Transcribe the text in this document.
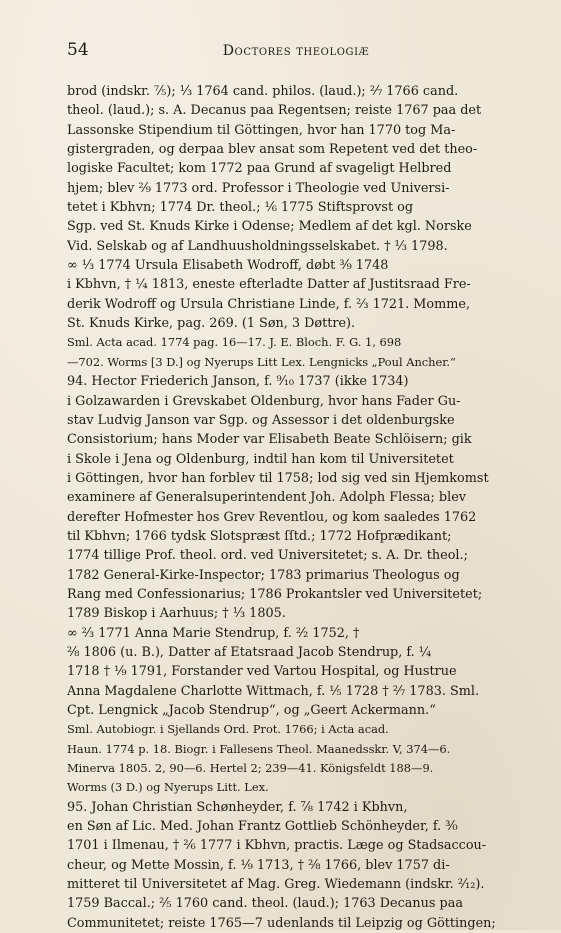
54	Doctores theologiæ
brod (indskr. ⁷⁄₅); ⅓ 1764 cand. philos. (laud.); ²⁄₇ 1766 cand.
theol. (laud.); s. A. Decanus paa Regentsen; reiste 1767 paa det
Lassonske Stipendium til Göttingen, hvor han 1770 tog Ma-
gistergraden, og derpaa blev ansat som Repetent ved det theo-
logiske Facultet; kom 1772 paa Grund af svageligt Helbred
hjem; blev ²⁄₉ 1773 ord. Professor i Theologie ved Universi-
tetet i Kbhvn; 1774 Dr. theol.; ¹⁄₆ 1775 Stiftsprovst og
Sgp. ved St. Knuds Kirke i Odense; Medlem af det kgl. Norske
Vid. Selskab og af Landhuusholdningsselskabet. † ⅓ 1798.
∞ ¹⁄₃ 1774 Ursula Elisabeth Wodroff, døbt ³⁄₉ 1748
i Kbhvn, † ¼ 1813, eneste efterladte Datter af Justitsraad Fre-
derik Wodroff og Ursula Christiane Linde, f. ⅔ 1721. Momme,
St. Knuds Kirke, pag. 269. (1 Søn, 3 Døttre).
Sml. Acta acad. 1774 pag. 16—17. J. E. Bloch. F. G. 1, 698
—702. Worms [3 D.] og Nyerups Litt Lex. Lengnicks „Poul Ancher.“
94. Hector Friederich Janson, f. ⁹⁄₁₀ 1737 (ikke 1734)
i Golzawarden i Grevskabet Oldenburg, hvor hans Fader Gu-
stav Ludvig Janson var Sgp. og Assessor i det oldenburgske
Consistorium; hans Moder var Elisabeth Beate Schlöisern; gik
i Skole i Jena og Oldenburg, indtil han kom til Universitetet
i Göttingen, hvor han forblev til 1758; lod sig ved sin Hjemkomst
examinere af Generalsuperintendent Joh. Adolph Flessa; blev
derefter Hofmester hos Grev Reventlou, og kom saaledes 1762
til Kbhvn; 1766 tydsk Slotspræst ſſtd.; 1772 Hofprædikant;
1774 tillige Prof. theol. ord. ved Universitetet; s. A. Dr. theol.;
1782 General-Kirke-Inspector; 1783 primarius Theologus og
Rang med Confessionarius; 1786 Prokantsler ved Universitetet;
1789 Biskop i Aarhuus; † ⅓ 1805.
∞ ²⁄₃ 1771 Anna Marie Stendrup, f. ²⁄₂ 1752, †
²⁄₈ 1806 (u. B.), Datter af Etatsraad Jacob Stendrup, f. ¼
1718 † ¹⁄₉ 1791, Forstander ved Vartou Hospital, og Hustrue
Anna Magdalene Charlotte Wittmach, f. ¹⁄₅ 1728 † ²⁄₇ 1783. Sml.
Cpt. Lengnick „Jacob Stendrup“, og „Geert Ackermann.“
Sml. Autobiogr. i Sjellands Ord. Prot. 1766; i Acta acad.
Haun. 1774 p. 18. Biogr. i Fallesens Theol. Maanedsskr. V, 374—6.
Minerva 1805. 2, 90—6. Hertel 2; 239—41. Königsfeldt 188—9.
Worms (3 D.) og Nyerups Litt. Lex.
95. Johan Christian Schønheyder, f. ⅞ 1742 i Kbhvn,
en Søn af Lic. Med. Johan Frantz Gottlieb Schönheyder, f. ³⁄₀
1701 i Ilmenau, † ²⁄₆ 1777 i Kbhvn, practis. Læge og Stadsaccou-
cheur, og Mette Mossin, f. ¹⁄₉ 1713, † ²⁄₈ 1766, blev 1757 di-
mitteret til Universitetet af Mag. Greg. Wiedemann (indskr. ²⁄₁₂).
1759 Baccal.; ²⁄₅ 1760 cand. theol. (laud.); 1763 Decanus paa
Communitetet; reiste 1765—7 udenlands til Leipzig og Göttingen;
